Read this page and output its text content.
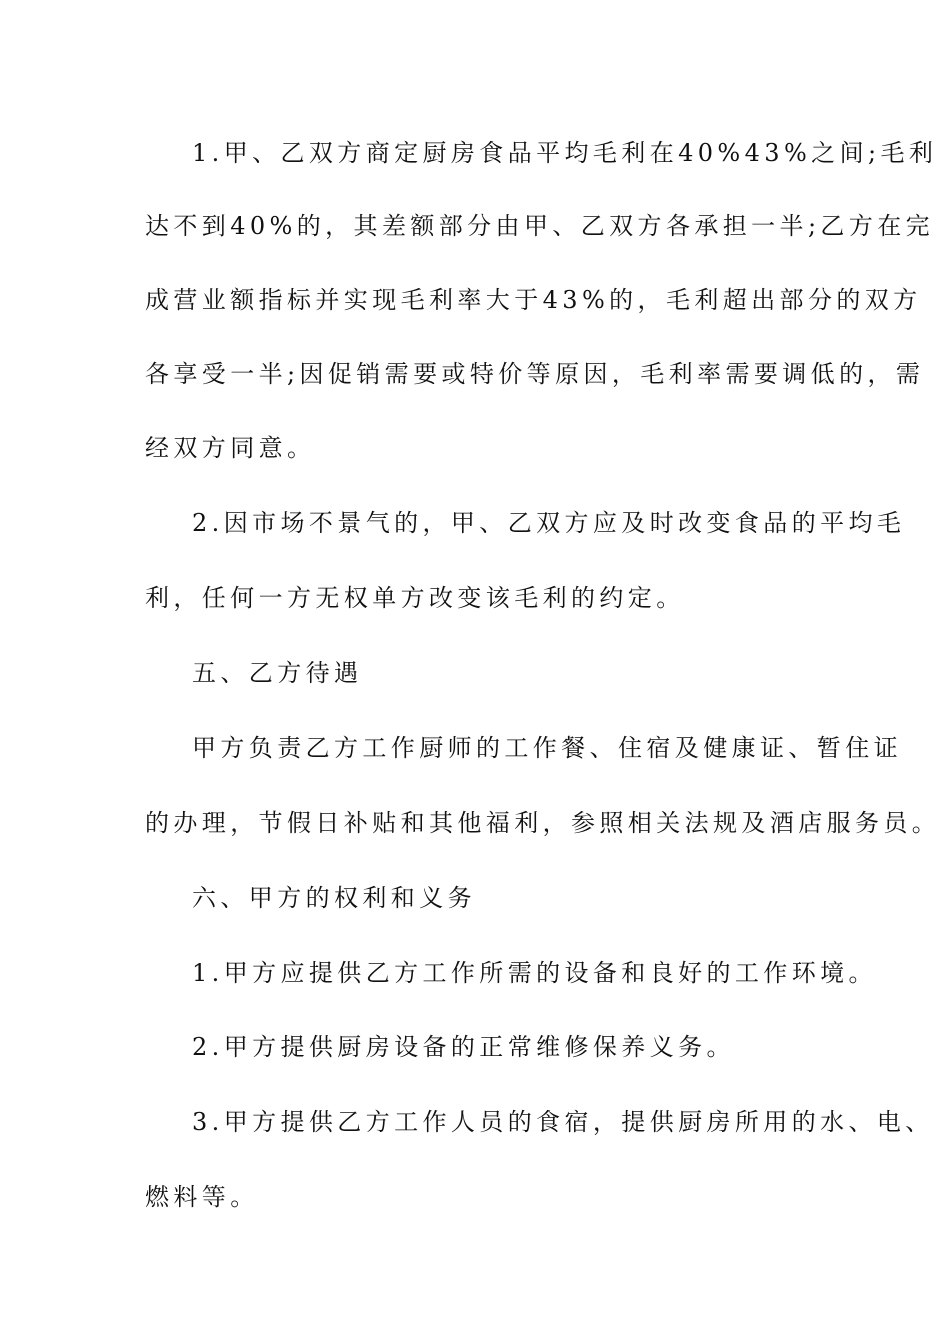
1.甲、乙双方商定厨房食品平均毛利在40%43%之间;毛利
达不到40%的，其差额部分由甲、乙双方各承担一半;乙方在完
成营业额指标并实现毛利率大于43%的，毛利超出部分的双方
各享受一半;因促销需要或特价等原因，毛利率需要调低的，需
经双方同意。
2.因市场不景气的，甲、乙双方应及时改变食品的平均毛
利，任何一方无权单方改变该毛利的约定。
五、乙方待遇
甲方负责乙方工作厨师的工作餐、住宿及健康证、暂住证
的办理，节假日补贴和其他福利，参照相关法规及酒店服务员。
六、甲方的权利和义务
1.甲方应提供乙方工作所需的设备和良好的工作环境。
2.甲方提供厨房设备的正常维修保养义务。
3.甲方提供乙方工作人员的食宿，提供厨房所用的水、电、
燃料等。
